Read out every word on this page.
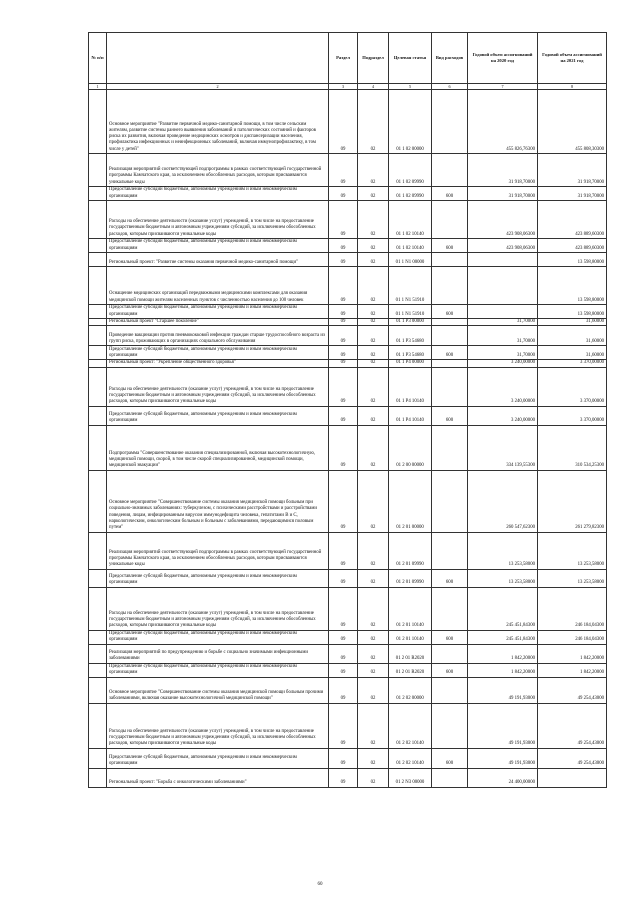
№ п/п		Раздел	Подраздел	Целевая статья	Вид расходов	Годовой объем ассигнований на 2020 год	Годовой объем ассигнований на 2021 год
1	2	3	4	5	6	7	8
	Основное мероприятие "Развитие первичной медико-санитарной помощи, в том числе сельским жителям, развитие системы раннего выявления заболеваний и патологических состояний и факторов риска их развития, включая проведение медицинских осмотров и диспансеризации населения, профилактика инфекционных и неинфекционных заболеваний, включая иммунопрофилактику, в том числе у детей"	09	02	01 1 02 00000		455 826,76300	455 808,30300
	Реализация мероприятий соответствующей подпрограммы в рамках соответствующей государственной программы Камчатского края, за исключением обособленных расходов, которым присваиваются уникальные коды	09	02	01 1 02 09990		31 918,70000	31 918,70000
	Предоставление субсидий бюджетным, автономным учреждениям и иным некоммерческим организациям	09	02	01 1 02 09990	600	31 918,70000	31 918,70000
	Расходы на обеспечение деятельности (оказание услуг) учреждений, в том числе на предоставление государственным бюджетным и автономным учреждениям субсидий, за исключением обособленных расходов, которым присваиваются уникальные коды	09	02	01 1 02 10140		423 908,06300	423 889,60300
	Предоставление субсидий бюджетным, автономным учреждениям и иным некоммерческим организациям	09	02	01 1 02 10140	600	423 908,06300	423 889,60300
	Региональный проект: "Развитие системы оказания первичной медико-санитарной помощи"	09	02	01 1 N1 00000			13 598,80000
	Оснащение медицинских организаций передвижными медицинскими комплексами для оказания медицинской помощи жителям населенных пунктов с численностью населения до 100 человек	09	02	01 1 N1 51910			13 598,80000
	Предоставление субсидий бюджетным, автономным учреждениям и иным некоммерческим организациям	09	02	01 1 N1 51910	600		13 598,80000
	Региональный проект "Старшее поколение"	09	02	01 1 P3 00000		31,70000	31,60000
	Проведение вакцинации против пневмококковой инфекции граждан старше трудоспособного возраста из групп риска, проживающих в организациях социального обслуживания	09	02	01 1 P3 54680		31,70000	31,60000
	Предоставление субсидий бюджетным, автономным учреждениям и иным некоммерческим организациям	09	02	01 1 P3 54680	600	31,70000	31,60000
	Региональный проект: "Укрепление общественного здоровья"	09	02	01 1 P4 00000		3 240,00000	3 370,00000
	Расходы на обеспечение деятельности (оказание услуг) учреждений, в том числе на предоставление государственным бюджетным и автономным учреждениям субсидий, за исключением обособленных расходов, которым присваиваются уникальные коды	09	02	01 1 P4 10140		3 240,00000	3 370,00000
	Предоставление субсидий бюджетным, автономным учреждениям и иным некоммерческим организациям	09	02	01 1 P4 10140	600	3 240,00000	3 370,00000
	Подпрограмма "Совершенствование оказания специализированной, включая высокотехнологичную, медицинской помощи, скорой, в том числе скорой специализированной, медицинской помощи, медицинской эвакуации"	09	02	01 2 00 00000		334 139,55300	310 534,25300
	Основное мероприятие "Совершенствование системы оказания медицинской помощи больным при социально-значимых заболеваниях: туберкулезом, с психическими расстройствами и расстройствами поведения, лицам, инфицированным вирусом иммунодефицита человека, гепатитами B и C, наркологическим, онкологическим больным и больным с заболеваниями, передающимися половым путем"	09	02	01 2 01 00000		260 547,62300	261 279,82300
	Реализация мероприятий соответствующей подпрограммы в рамках соответствующей государственной программы Камчатского края, за исключением обособленных расходов, которым присваиваются уникальные коды	09	02	01 2 01 09990		13 253,58000	13 253,58000
	Предоставление субсидий бюджетным, автономным учреждениям и иным некоммерческим организациям	09	02	01 2 01 09990	600	13 253,58000	13 253,58000
	Расходы на обеспечение деятельности (оказание услуг) учреждений, в том числе на предоставление государственным бюджетным и автономным учреждениям субсидий, за исключением обособленных расходов, которым присваиваются уникальные коды	09	02	01 2 01 10140		245 451,84300	246 184,04300
	Предоставление субсидий бюджетным, автономным учреждениям и иным некоммерческим организациям	09	02	01 2 01 10140	600	245 451,84300	246 184,04300
	Реализация мероприятий по предупреждению и борьбе с социально значимыми инфекционными заболеваниями	09	02	01 2 01 R2020		1 842,20000	1 842,20000
	Предоставление субсидий бюджетным, автономным учреждениям и иным некоммерческим организациям	09	02	01 2 01 R2020	600	1 842,20000	1 842,20000
	Основное мероприятие "Совершенствование системы оказания медицинской помощи больным прочими заболеваниями, включая оказание высокотехнологичной медицинской помощи"	09	02	01 2 02 00000		49 191,93000	49 254,43000
	Расходы на обеспечение деятельности (оказание услуг) учреждений, в том числе на предоставление государственным бюджетным и автономным учреждениям субсидий, за исключением обособленных расходов, которым присваиваются уникальные коды	09	02	01 2 02 10140		49 191,93000	49 254,43000
	Предоставление субсидий бюджетным, автономным учреждениям и иным некоммерческим организациям	09	02	01 2 02 10140	600	49 191,93000	49 254,43000
	Региональный проект: "Борьба с онкологическими заболеваниями"	09	02	01 2 N3 00000		24 400,00000	
60
